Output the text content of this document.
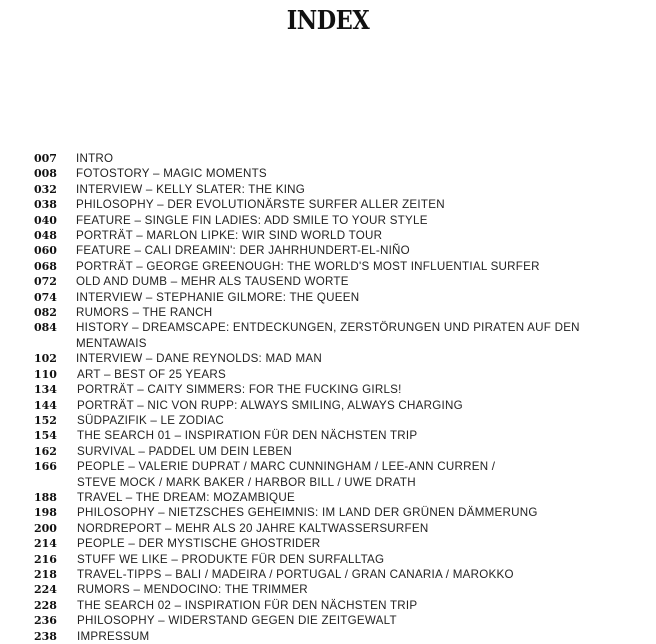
INDEX
007	INTRO
008	FOTOSTORY – MAGIC MOMENTS
032	INTERVIEW – KELLY SLATER: THE KING
038	PHILOSOPHY – DER EVOLUTIONÄRSTE SURFER ALLER ZEITEN
040	FEATURE – SINGLE FIN LADIES: ADD SMILE TO YOUR STYLE
048	PORTRÄT – MARLON LIPKE: WIR SIND WORLD TOUR
060	FEATURE – CALI DREAMIN': DER JAHRHUNDERT-EL-NIÑO
068	PORTRÄT – GEORGE GREENOUGH: THE WORLD'S MOST INFLUENTIAL SURFER
072	OLD AND DUMB – MEHR ALS TAUSEND WORTE
074	INTERVIEW – STEPHANIE GILMORE: THE QUEEN
082	RUMORS – THE RANCH
084	HISTORY – DREAMSCAPE: ENTDECKUNGEN, ZERSTÖRUNGEN UND PIRATEN AUF DEN MENTAWAIS
102	INTERVIEW – DANE REYNOLDS: MAD MAN
110	ART – BEST OF 25 YEARS
134	PORTRÄT – CAITY SIMMERS: FOR THE FUCKING GIRLS!
144	PORTRÄT – NIC VON RUPP: ALWAYS SMILING, ALWAYS CHARGING
152	SÜDPAZIFIK – LE ZODIAC
154	THE SEARCH 01 – INSPIRATION FÜR DEN NÄCHSTEN TRIP
162	SURVIVAL – PADDEL UM DEIN LEBEN
166	PEOPLE – VALERIE DUPRAT / MARC CUNNINGHAM / LEE-ANN CURREN /
STEVE MOCK / MARK BAKER / HARBOR BILL / UWE DRATH
188	TRAVEL – THE DREAM: MOZAMBIQUE
198	PHILOSOPHY – NIETZSCHES GEHEIMNIS: IM LAND DER GRÜNEN DÄMMERUNG
200	NORDREPORT – MEHR ALS 20 JAHRE KALTWASSERSURFEN
214	PEOPLE – DER MYSTISCHE GHOSTRIDER
216	STUFF WE LIKE – PRODUKTE FÜR DEN SURFALLTAG
218	TRAVEL-TIPPS – BALI / MADEIRA / PORTUGAL / GRAN CANARIA / MAROKKO
224	RUMORS – MENDOCINO: THE TRIMMER
228	THE SEARCH 02 – INSPIRATION FÜR DEN NÄCHSTEN TRIP
236	PHILOSOPHY – WIDERSTAND GEGEN DIE ZEITGEWALT
238	IMPRESSUM
